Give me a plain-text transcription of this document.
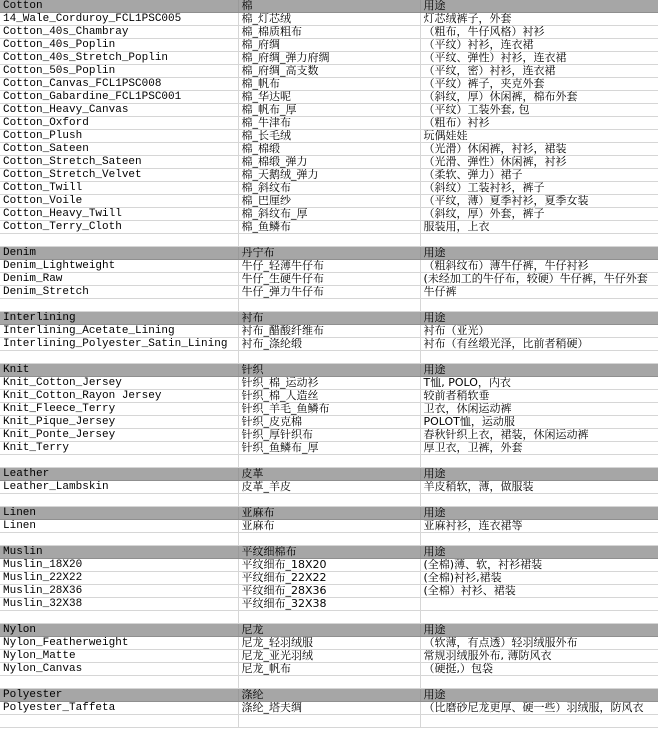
Cotton	棉	用途
14_Wale_Corduroy_FCL1PSC005	棉_灯芯绒	灯芯绒裤子，外套
Cotton_40s_Chambray	棉_棉质粗布	（粗布，牛仔风格）衬衫
Cotton_40s_Poplin	棉_府绸	（平纹）衬衫，连衣裙
Cotton_40s_Stretch_Poplin	棉_府绸_弹力府绸	（平纹、弹性）衬衫，连衣裙
Cotton_50s_Poplin	棉_府绸_高支数	（平纹，密）衬衫，连衣裙
Cotton_Canvas_FCL1PSC008	棉_帆布	（平纹）裤子，夹克外套
Cotton_Gabardine_FCL1PSC001	棉_华达呢	（斜纹，厚）休闲裤，棉布外套
Cotton_Heavy_Canvas	棉_帆布_厚	（平纹）工装外套, 包
Cotton_Oxford	棉_牛津布	（粗布）衬衫
Cotton_Plush	棉_长毛绒	玩偶娃娃
Cotton_Sateen	棉_棉缎	（光滑）休闲裤，衬衫，裙装
Cotton_Stretch_Sateen	棉_棉缎_弹力	（光滑、弹性）休闲裤，衬衫
Cotton_Stretch_Velvet	棉_天鹅绒_弹力	（柔软、弹力）裙子
Cotton_Twill	棉_斜纹布	（斜纹）工装衬衫，裤子
Cotton_Voile	棉_巴厘纱	（平纹，薄）夏季衬衫，夏季女装
Cotton_Heavy_Twill	棉_斜纹布_厚	（斜纹，厚）外套，裤子
Cotton_Terry_Cloth	棉_鱼鳞布	服装用，上衣

Denim	丹宁布	用途
Denim_Lightweight	牛仔_轻薄牛仔布	（粗斜纹布）薄牛仔裤，牛仔衬衫
Denim_Raw	牛仔_生硬牛仔布	(未经加工的牛仔布，较硬）牛仔裤，牛仔外套
Denim_Stretch	牛仔_弹力牛仔布	牛仔裤

Interlining	衬布	用途
Interlining_Acetate_Lining	衬布_醋酸纤维布	衬布（亚光）
Interlining_Polyester_Satin_Lining	衬布_涤纶缎	衬布（有丝缎光泽，比前者稍硬）

Knit	针织	用途
Knit_Cotton_Jersey	针织_棉_运动衫	T恤, POLO，内衣
Knit_Cotton_Rayon Jersey	针织_棉_人造丝	较前者稍软垂
Knit_Fleece_Terry	针织_羊毛_鱼鳞布	卫衣，休闲运动裤
Knit_Pique_Jersey	针织_皮克棉	POLOT恤，运动服
Knit_Ponte_Jersey	针织_厚针织布	春秋针织上衣，裙装，休闲运动裤
Knit_Terry	针织_鱼鳞布_厚	厚卫衣，卫裤，外套

Leather	皮革	用途
Leather_Lambskin	皮革_羊皮	羊皮稍软，薄，做服装

Linen	亚麻布	用途
Linen	亚麻布	亚麻衬衫，连衣裙等

Muslin	平纹细棉布	用途
Muslin_18X20	平纹细布_18X20	(全棉)薄、软，衬衫裙装
Muslin_22X22	平纹细布_22X22	(全棉)衬衫,裙装
Muslin_28X36	平纹细布_28X36	(全棉）衬衫、裙装
Muslin_32X38	平纹细布_32X38	

Nylon	尼龙	用途
Nylon_Featherweight	尼龙_轻羽绒服	（软薄，有点透）轻羽绒服外布
Nylon_Matte	尼龙_亚光羽绒	常规羽绒服外布, 薄防风衣
Nylon_Canvas	尼龙_帆布	（硬挺,）包袋

Polyester	涤纶	用途
Polyester_Taffeta	涤纶_塔夫绸	（比磨砂尼龙更厚、硬一些）羽绒服，防风衣
